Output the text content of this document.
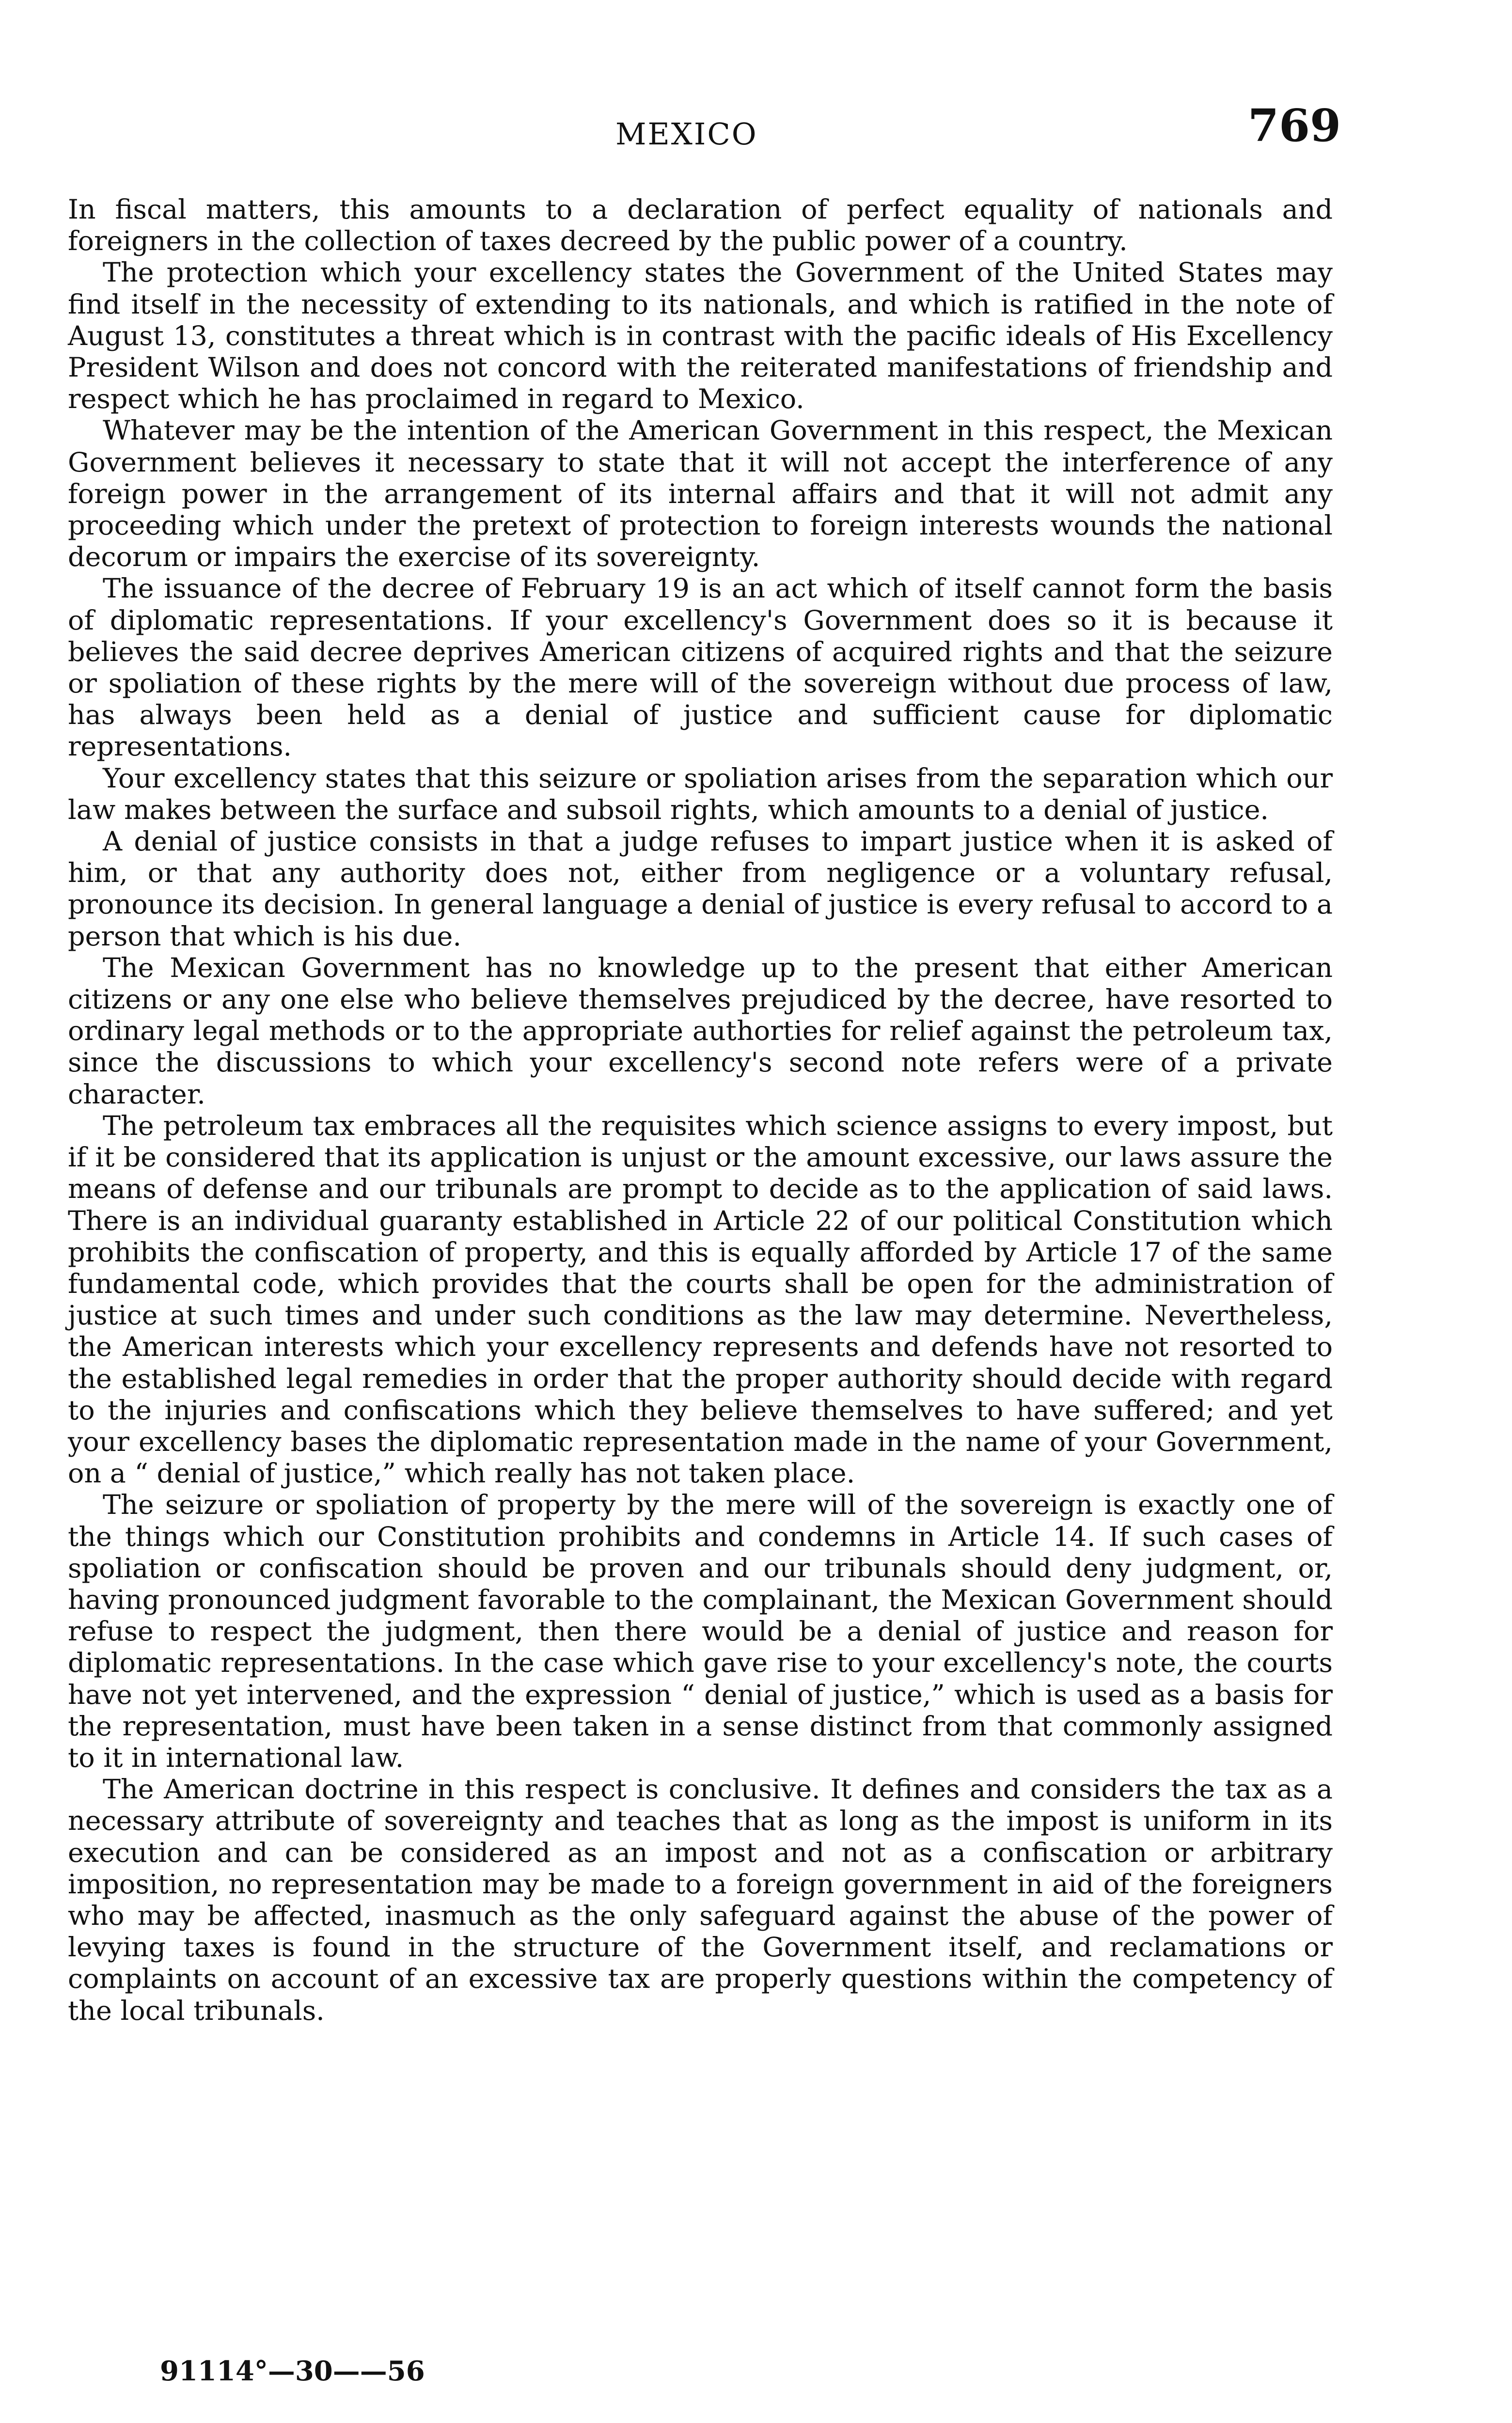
MEXICO	769

In fiscal matters, this amounts to a declaration of perfect equality of nationals and foreigners in the collection of taxes decreed by the public power of a country.

The protection which your excellency states the Government of the United States may find itself in the necessity of extending to its nationals, and which is ratified in the note of August 13, constitutes a threat which is in contrast with the pacific ideals of His Excellency President Wilson and does not concord with the reiterated manifestations of friendship and respect which he has proclaimed in regard to Mexico.

Whatever may be the intention of the American Government in this respect, the Mexican Government believes it necessary to state that it will not accept the interference of any foreign power in the arrangement of its internal affairs and that it will not admit any proceeding which under the pretext of protection to foreign interests wounds the national decorum or impairs the exercise of its sovereignty.

The issuance of the decree of February 19 is an act which of itself cannot form the basis of diplomatic representations. If your excellency's Government does so it is because it believes the said decree deprives American citizens of acquired rights and that the seizure or spoliation of these rights by the mere will of the sovereign without due process of law, has always been held as a denial of justice and sufficient cause for diplomatic representations.

Your excellency states that this seizure or spoliation arises from the separation which our law makes between the surface and subsoil rights, which amounts to a denial of justice.

A denial of justice consists in that a judge refuses to impart justice when it is asked of him, or that any authority does not, either from negligence or a voluntary refusal, pronounce its decision. In general language a denial of justice is every refusal to accord to a person that which is his due.

The Mexican Government has no knowledge up to the present that either American citizens or any one else who believe themselves prejudiced by the decree, have resorted to ordinary legal methods or to the appropriate authorties for relief against the petroleum tax, since the discussions to which your excellency's second note refers were of a private character.

The petroleum tax embraces all the requisites which science assigns to every impost, but if it be considered that its application is unjust or the amount excessive, our laws assure the means of defense and our tribunals are prompt to decide as to the application of said laws. There is an individual guaranty established in Article 22 of our political Constitution which prohibits the confiscation of property, and this is equally afforded by Article 17 of the same fundamental code, which provides that the courts shall be open for the administration of justice at such times and under such conditions as the law may determine. Nevertheless, the American interests which your excellency represents and defends have not resorted to the established legal remedies in order that the proper authority should decide with regard to the injuries and confiscations which they believe themselves to have suffered; and yet your excellency bases the diplomatic representation made in the name of your Government, on a “ denial of justice,” which really has not taken place.

The seizure or spoliation of property by the mere will of the sovereign is exactly one of the things which our Constitution prohibits and condemns in Article 14. If such cases of spoliation or confiscation should be proven and our tribunals should deny judgment, or, having pronounced judgment favorable to the complainant, the Mexican Government should refuse to respect the judgment, then there would be a denial of justice and reason for diplomatic representations. In the case which gave rise to your excellency's note, the courts have not yet intervened, and the expression “ denial of justice,” which is used as a basis for the representation, must have been taken in a sense distinct from that commonly assigned to it in international law.

The American doctrine in this respect is conclusive. It defines and considers the tax as a necessary attribute of sovereignty and teaches that as long as the impost is uniform in its execution and can be considered as an impost and not as a confiscation or arbitrary imposition, no representation may be made to a foreign government in aid of the foreigners who may be affected, inasmuch as the only safeguard against the abuse of the power of levying taxes is found in the structure of the Government itself, and reclamations or complaints on account of an excessive tax are properly questions within the competency of the local tribunals.

91114°—30——56
